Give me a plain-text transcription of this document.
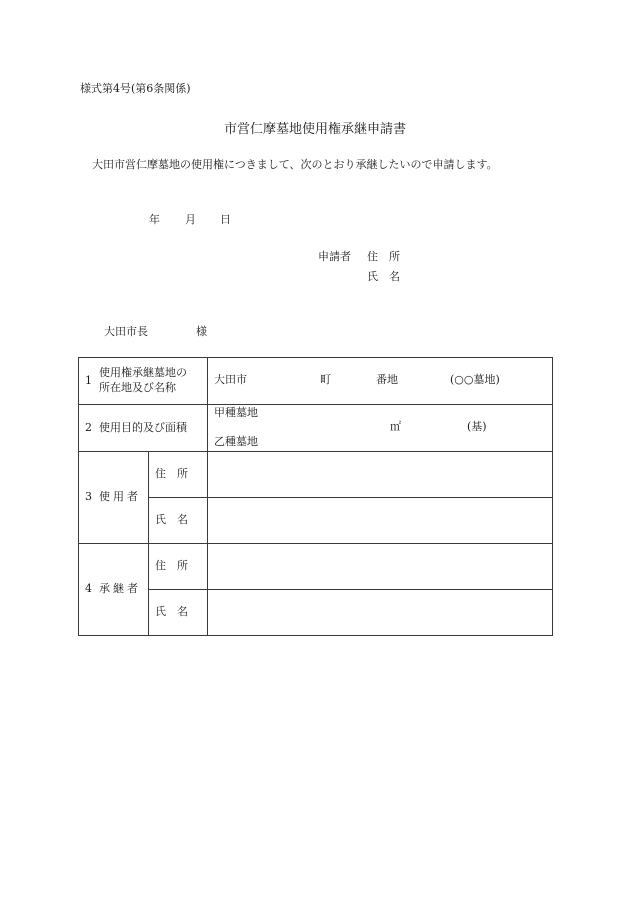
様式第4号(第6条関係)
市営仁摩墓地使用権承継申請書
大田市営仁摩墓地の使用権につきまして、次のとおり承継したいので申請します。
年 月 日
申請者 住　所
氏　名
大田市長	様
1
使用権承継墓地の
所在地及び名称		大田市 町 番地 (○○墓地)

2 使用目的及び面積		甲種墓地
㎡ (基)
乙種墓地

3 使用者	住　所	
	氏　名	

4 承継者	住　所	
	氏　名	
